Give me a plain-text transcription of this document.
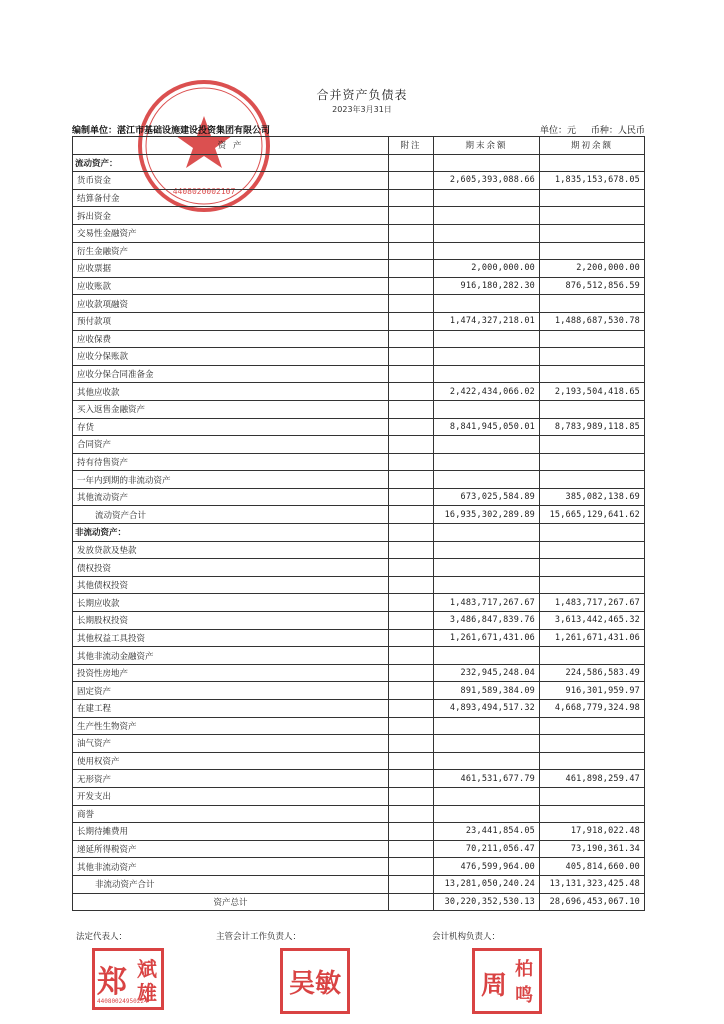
4408020002107
合并资产负债表
2023年3月31日
编制单位：湛江市基础设施建设投资集团有限公司	单位：元 币种：人民币
资 产	附注	期末余额	期初余额
流动资产：			
货币资金		2,605,393,088.66	1,835,153,678.05
结算备付金			
拆出资金			
交易性金融资产			
衍生金融资产			
应收票据		2,000,000.00	2,200,000.00
应收账款		916,180,282.30	876,512,856.59
应收款项融资			
预付款项		1,474,327,218.01	1,488,687,530.78
应收保费			
应收分保账款			
应收分保合同准备金			
其他应收款		2,422,434,066.02	2,193,504,418.65
买入返售金融资产			
存货		8,841,945,050.01	8,783,989,118.85
合同资产			
持有待售资产			
一年内到期的非流动资产			
其他流动资产		673,025,584.89	385,082,138.69
流动资产合计		16,935,302,289.89	15,665,129,641.62
非流动资产：			
发放贷款及垫款			
债权投资			
其他债权投资			
长期应收款		1,483,717,267.67	1,483,717,267.67
长期股权投资		3,486,847,839.76	3,613,442,465.32
其他权益工具投资		1,261,671,431.06	1,261,671,431.06
其他非流动金融资产			
投资性房地产		232,945,248.04	224,586,583.49
固定资产		891,589,384.09	916,301,959.97
在建工程		4,893,494,517.32	4,668,779,324.98
生产性生物资产			
油气资产			
使用权资产			
无形资产		461,531,677.79	461,898,259.47
开发支出			
商誉			
长期待摊费用		23,441,854.05	17,918,022.48
递延所得税资产		70,211,056.47	73,190,361.34
其他非流动资产		476,599,964.00	405,814,660.00
非流动资产合计		13,281,050,240.24	13,131,323,425.48
资产总计		30,220,352,530.13	28,696,453,067.10
法定代表人：	主管会计工作负责人：	会计机构负责人：
郑 斌
雄
44080024950224
吴 敏	周
柏
鸣
